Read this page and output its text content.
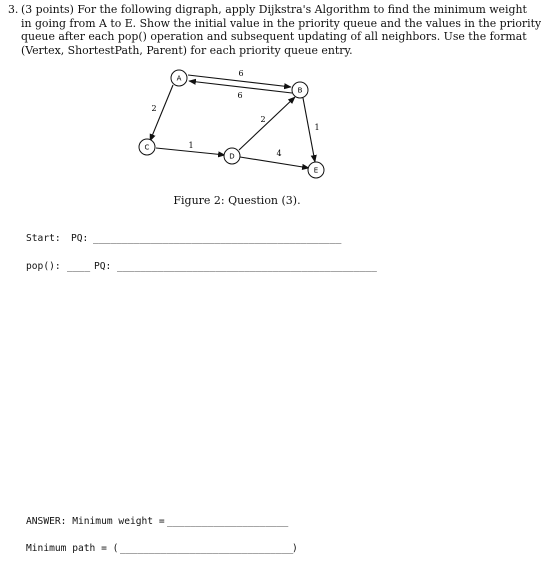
3. (3 points) For the following digraph, apply Dijkstra's Algorithm to find the minimum weight
in going from A to E. Show the initial value in the priority queue and the values in the priority
queue after each pop() operation and subsequent updating of all neighbors. Use the format
(Vertex, ShortestPath, Parent) for each priority queue entry.
A
B
C
D
E
6
6
2
1
2
1
4
Figure 2: Question (3).
Start: PQ: ___________________________________________
pop(): ____ PQ: _____________________________________________
ANSWER: Minimum weight = _____________________
Minimum path = ( ______________________________
)
